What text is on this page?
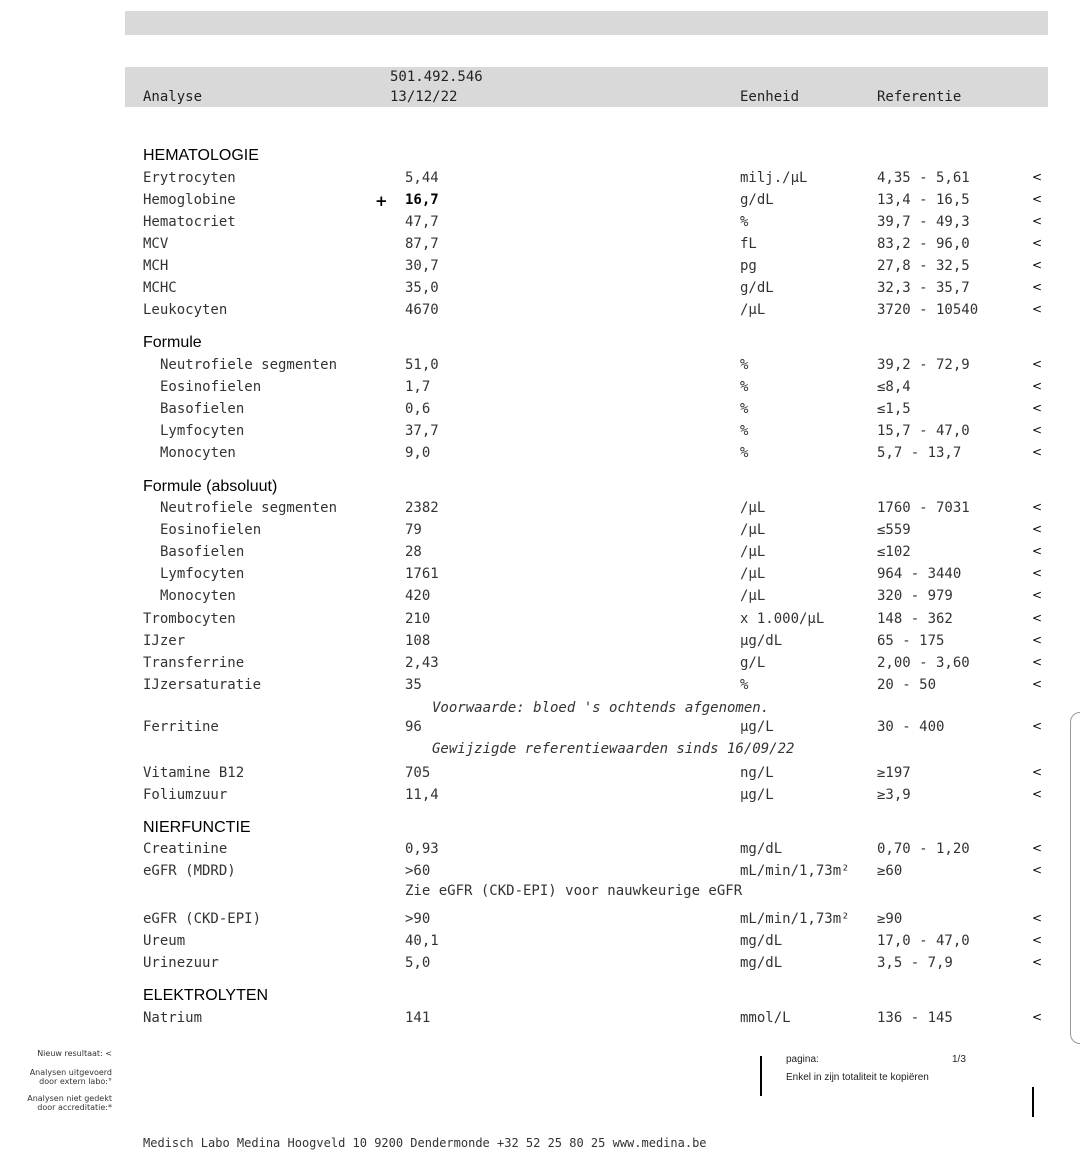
Analyse
501.492.546
13/12/22	Eenheid	Referentie
HEMATOLOGIE
Formule
Formule (absoluut)
NIERFUNCTIE
ELEKTROLYTEN
Erytrocyten	5,44	milj./µL	4,35 - 5,61	<
Hemoglobine	+ 16,7	g/dL	13,4 - 16,5	<
Hematocriet	47,7	%	39,7 - 49,3	<
MCV	87,7	fL	83,2 - 96,0	<
MCH	30,7	pg	27,8 - 32,5	<
MCHC	35,0	g/dL	32,3 - 35,7	<
Leukocyten	4670	/µL	3720 - 10540	<
Neutrofiele segmenten	51,0	%	39,2 - 72,9	<
Eosinofielen	1,7	%	≤8,4	<
Basofielen	0,6	%	≤1,5	<
Lymfocyten	37,7	%	15,7 - 47,0	<
Monocyten	9,0	%	5,7 - 13,7	<
Neutrofiele segmenten	2382	/µL	1760 - 7031	<
Eosinofielen	79	/µL	≤559	<
Basofielen	28	/µL	≤102	<
Lymfocyten	1761	/µL	964 - 3440	<
Monocyten	420	/µL	320 - 979	<
Trombocyten	210	x 1.000/µL	148 - 362	<
IJzer	108	µg/dL	65 - 175	<
Transferrine	2,43	g/L	2,00 - 3,60	<
IJzersaturatie	35	%	20 - 50	<
Ferritine	96	µg/L	30 - 400	<
Vitamine B12	705	ng/L	≥197	<
Foliumzuur	11,4	µg/L	≥3,9	<
Creatinine	0,93	mg/dL	0,70 - 1,20	<
eGFR (MDRD)	>60	mL/min/1,73m² ≥60	<
eGFR (CKD-EPI)	>90	mL/min/1,73m² ≥90	<
Ureum	40,1	mg/dL	17,0 - 47,0	<
Urinezuur	5,0	mg/dL	3,5 - 7,9	<
Natrium	141	mmol/L	136 - 145	<
Voorwaarde: bloed 's ochtends afgenomen.
Gewijzigde referentiewaarden sinds 16/09/22
Zie eGFR (CKD-EPI) voor nauwkeurige eGFR
Nieuw resultaat: <
Analysen uitgevoerd
door extern labo:°
Analysen niet gedekt
door accreditatie:*
pagina:	1/3
Enkel in zijn totaliteit te kopiëren
Medisch Labo Medina Hoogveld 10 9200 Dendermonde +32 52 25 80 25 www.medina.be
